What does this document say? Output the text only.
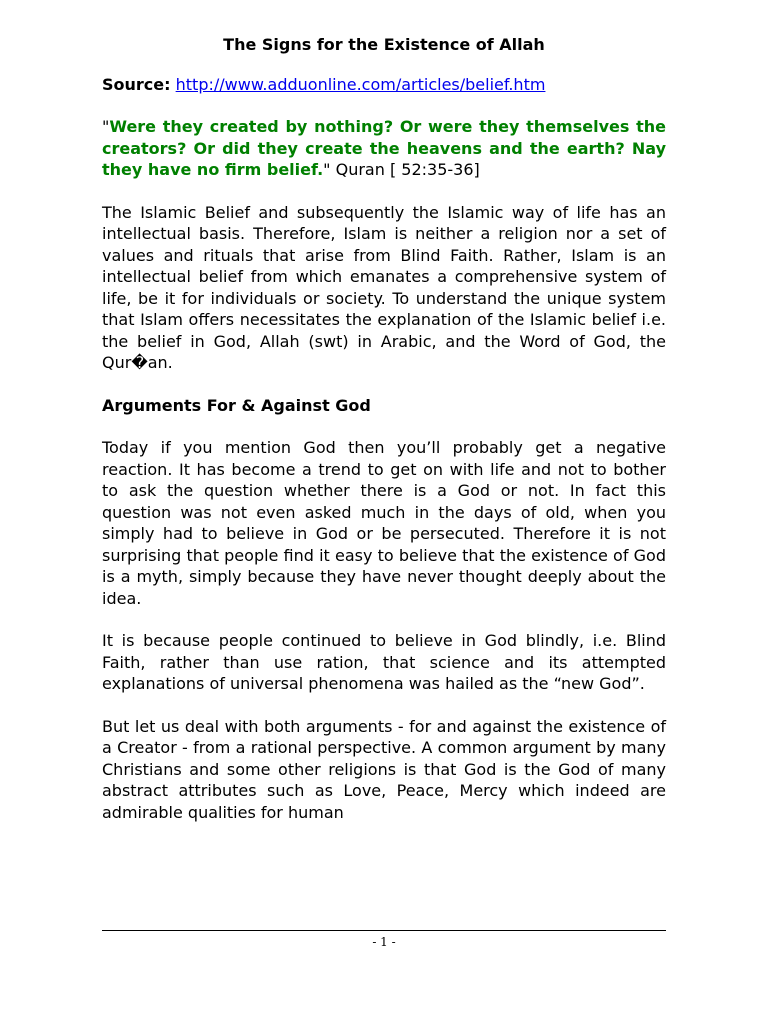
The Signs for the Existence of Allah
Source: http://www.adduonline.com/articles/belief.htm
"Were they created by nothing? Or were they themselves the creators? Or did they create the heavens and the earth? Nay they have no firm belief." Quran [ 52:35-36]
The Islamic Belief and subsequently the Islamic way of life has an intellectual basis. Therefore, Islam is neither a religion nor a set of values and rituals that arise from Blind Faith. Rather, Islam is an intellectual belief from which emanates a comprehensive system of life, be it for individuals or society. To understand the unique system that Islam offers necessitates the explanation of the Islamic belief i.e. the belief in God, Allah (swt) in Arabic, and the Word of God, the Qur�an.
Arguments For & Against God
Today if you mention God then you’ll probably get a negative reaction. It has become a trend to get on with life and not to bother to ask the question whether there is a God or not. In fact this question was not even asked much in the days of old, when you simply had to believe in God or be persecuted. Therefore it is not surprising that people find it easy to believe that the existence of God is a myth, simply because they have never thought deeply about the idea.
It is because people continued to believe in God blindly, i.e. Blind Faith, rather than use ration, that science and its attempted explanations of universal phenomena was hailed as the “new God”.
But let us deal with both arguments - for and against the existence of a Creator - from a rational perspective. A common argument by many Christians and some other religions is that God is the God of many abstract attributes such as Love, Peace, Mercy which indeed are admirable qualities for human
- 1 -
